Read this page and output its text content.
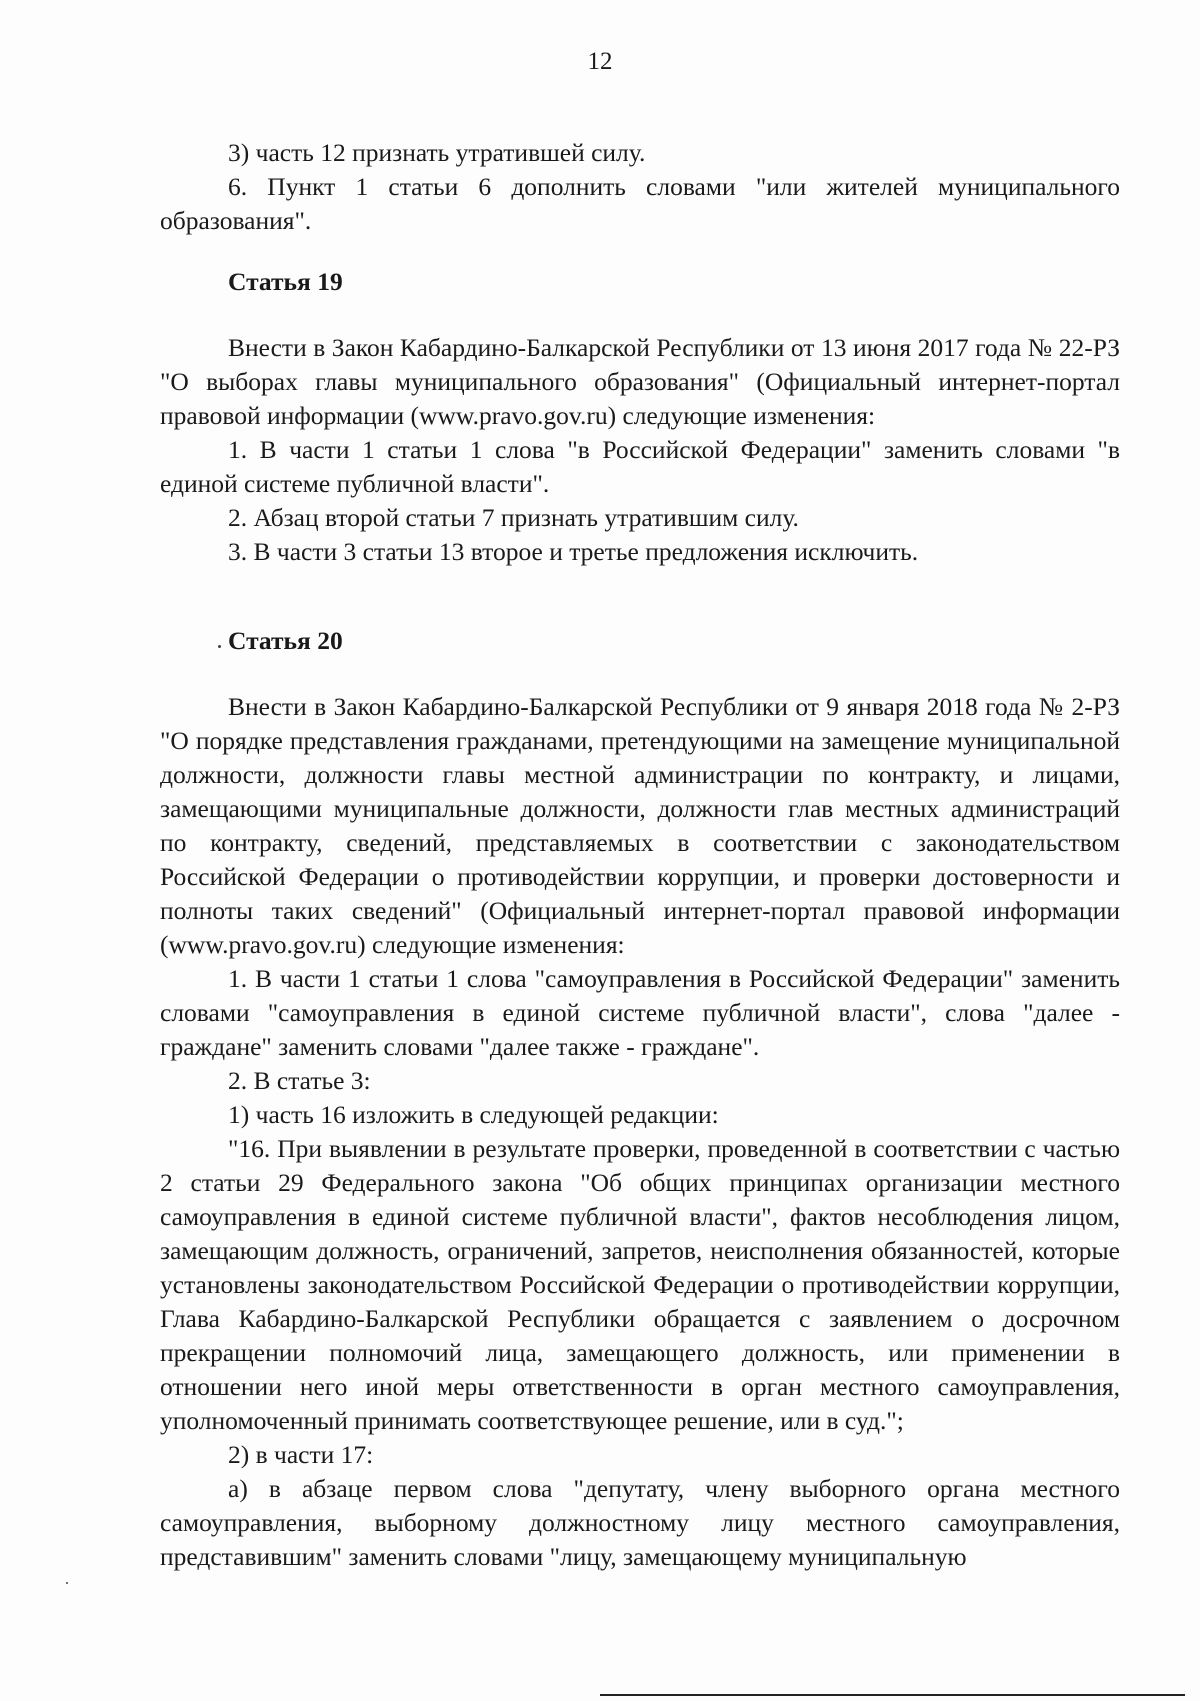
12

3) часть 12 признать утратившей силу.

6. Пункт 1 статьи 6 дополнить словами "или жителей муниципального образования".

Статья 19

Внести в Закон Кабардино-Балкарской Республики от 13 июня 2017 года № 22-РЗ "О выборах главы муниципального образования" (Официальный интернет-портал правовой информации (www.pravo.gov.ru) следующие изменения:

1. В части 1 статьи 1 слова "в Российской Федерации" заменить словами "в единой системе публичной власти".

2. Абзац второй статьи 7 признать утратившим силу.

3. В части 3 статьи 13 второе и третье предложения исключить.

Статья 20

Внести в Закон Кабардино-Балкарской Республики от 9 января 2018 года № 2-РЗ "О порядке представления гражданами, претендующими на замещение муниципальной должности, должности главы местной администрации по контракту, и лицами, замещающими муниципальные должности, должности глав местных администраций по контракту, сведений, представляемых в соответствии с законодательством Российской Федерации о противодействии коррупции, и проверки достоверности и полноты таких сведений" (Официальный интернет-портал правовой информации (www.pravo.gov.ru) следующие изменения:

1. В части 1 статьи 1 слова "самоуправления в Российской Федерации" заменить словами "самоуправления в единой системе публичной власти", слова "далее - граждане" заменить словами "далее также - граждане".

2. В статье 3:

1) часть 16 изложить в следующей редакции:

"16. При выявлении в результате проверки, проведенной в соответствии с частью 2 статьи 29 Федерального закона "Об общих принципах организации местного самоуправления в единой системе публичной власти", фактов несоблюдения лицом, замещающим должность, ограничений, запретов, неисполнения обязанностей, которые установлены законодательством Российской Федерации о противодействии коррупции, Глава Кабардино-Балкарской Республики обращается с заявлением о досрочном прекращении полномочий лица, замещающего должность, или применении в отношении него иной меры ответственности в орган местного самоуправления, уполномоченный принимать соответствующее решение, или в суд.";

2) в части 17:

а) в абзаце первом слова "депутату, члену выборного органа местного самоуправления, выборному должностному лицу местного самоуправления, представившим" заменить словами "лицу, замещающему муниципальную
